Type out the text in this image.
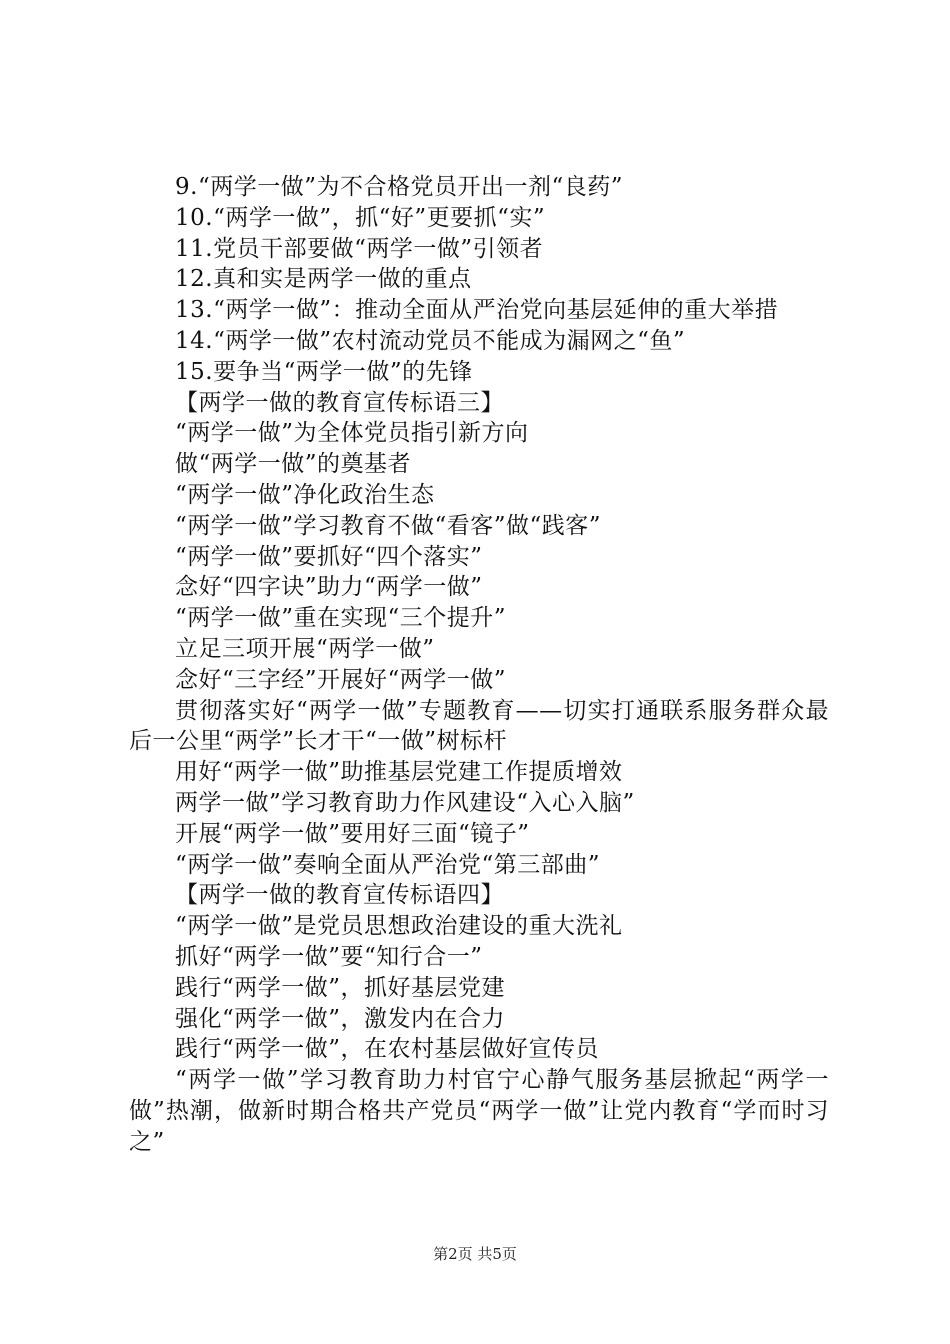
9.“两学一做”为不合格党员开出一剂“良药”
10.“两学一做”，抓“好”更要抓“实”
11.党员干部要做“两学一做”引领者
12.真和实是两学一做的重点
13.“两学一做”：推动全面从严治党向基层延伸的重大举措
14.“两学一做”农村流动党员不能成为漏网之“鱼”
15.要争当“两学一做”的先锋
【两学一做的教育宣传标语三】
“两学一做”为全体党员指引新方向
做“两学一做”的奠基者
“两学一做”净化政治生态
“两学一做”学习教育不做“看客”做“践客”
“两学一做”要抓好“四个落实”
念好“四字诀”助力“两学一做”
“两学一做”重在实现“三个提升”
立足三项开展“两学一做”
念好“三字经”开展好“两学一做”
贯彻落实好“两学一做”专题教育——切实打通联系服务群众最后一公里“两学”长才干“一做”树标杆
用好“两学一做”助推基层党建工作提质增效
两学一做”学习教育助力作风建设“入心入脑”
开展“两学一做”要用好三面“镜子”
“两学一做”奏响全面从严治党“第三部曲”
【两学一做的教育宣传标语四】
“两学一做”是党员思想政治建设的重大洗礼
抓好“两学一做”要“知行合一”
践行“两学一做”，抓好基层党建
强化“两学一做”，激发内在合力
践行“两学一做”，在农村基层做好宣传员
“两学一做”学习教育助力村官宁心静气服务基层掀起“两学一做”热潮，做新时期合格共产党员“两学一做”让党内教育“学而时习之”
第2页 共5页
